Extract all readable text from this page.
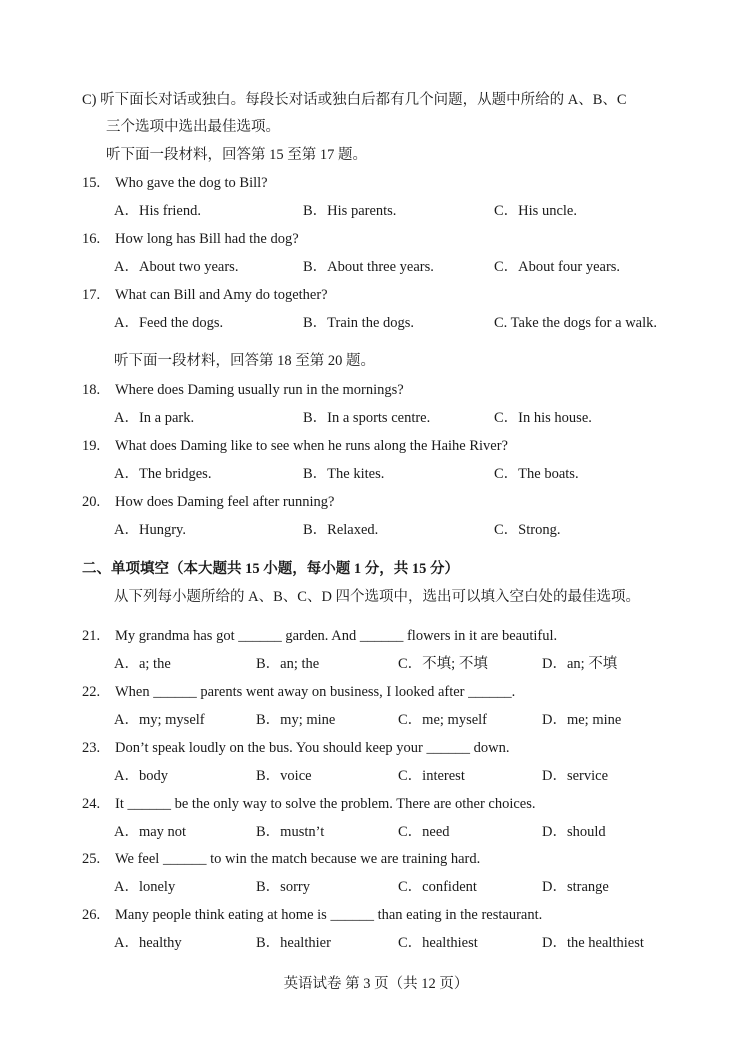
C) 听下面长对话或独白。每段长对话或独白后都有几个问题，从题中所给的 A、B、C
三个选项中选出最佳选项。
听下面一段材料，回答第 15 至第 17 题。
15. Who gave the dog to Bill?
A．His friend.	B．His parents.	C．His uncle.
16. How long has Bill had the dog?
A．About two years.	B．About three years.	C．About four years.
17. What can Bill and Amy do together?
A．Feed the dogs.	B．Train the dogs.	C. Take the dogs for a walk.
听下面一段材料，回答第 18 至第 20 题。
18. Where does Daming usually run in the mornings?
A．In a park.	B．In a sports centre.	C．In his house.
19. What does Daming like to see when he runs along the Haihe River?
A．The bridges.	B．The kites.	C．The boats.
20. How does Daming feel after running?
A．Hungry.	B．Relaxed.	C．Strong.
二、单项填空（本大题共 15 小题，每小题 1 分，共 15 分）
从下列每小题所给的 A、B、C、D 四个选项中，选出可以填入空白处的最佳选项。
21. My grandma has got ______ garden. And ______ flowers in it are beautiful.
A．a; the	B．an; the	C．不填; 不填	D．an; 不填
22. When ______ parents went away on business, I looked after ______.
A．my; myself	B．my; mine	C．me; myself	D．me; mine
23. Don’t speak loudly on the bus. You should keep your ______ down.
A．body	B．voice	C．interest	D．service
24. It ______ be the only way to solve the problem. There are other choices.
A．may not	B．mustn’t	C．need	D．should
25. We feel ______ to win the match because we are training hard.
A．lonely	B．sorry	C．confident	D．strange
26. Many people think eating at home is ______ than eating in the restaurant.
A．healthy	B．healthier	C．healthiest	D．the healthiest
英语试卷 第 3 页（共 12 页）
